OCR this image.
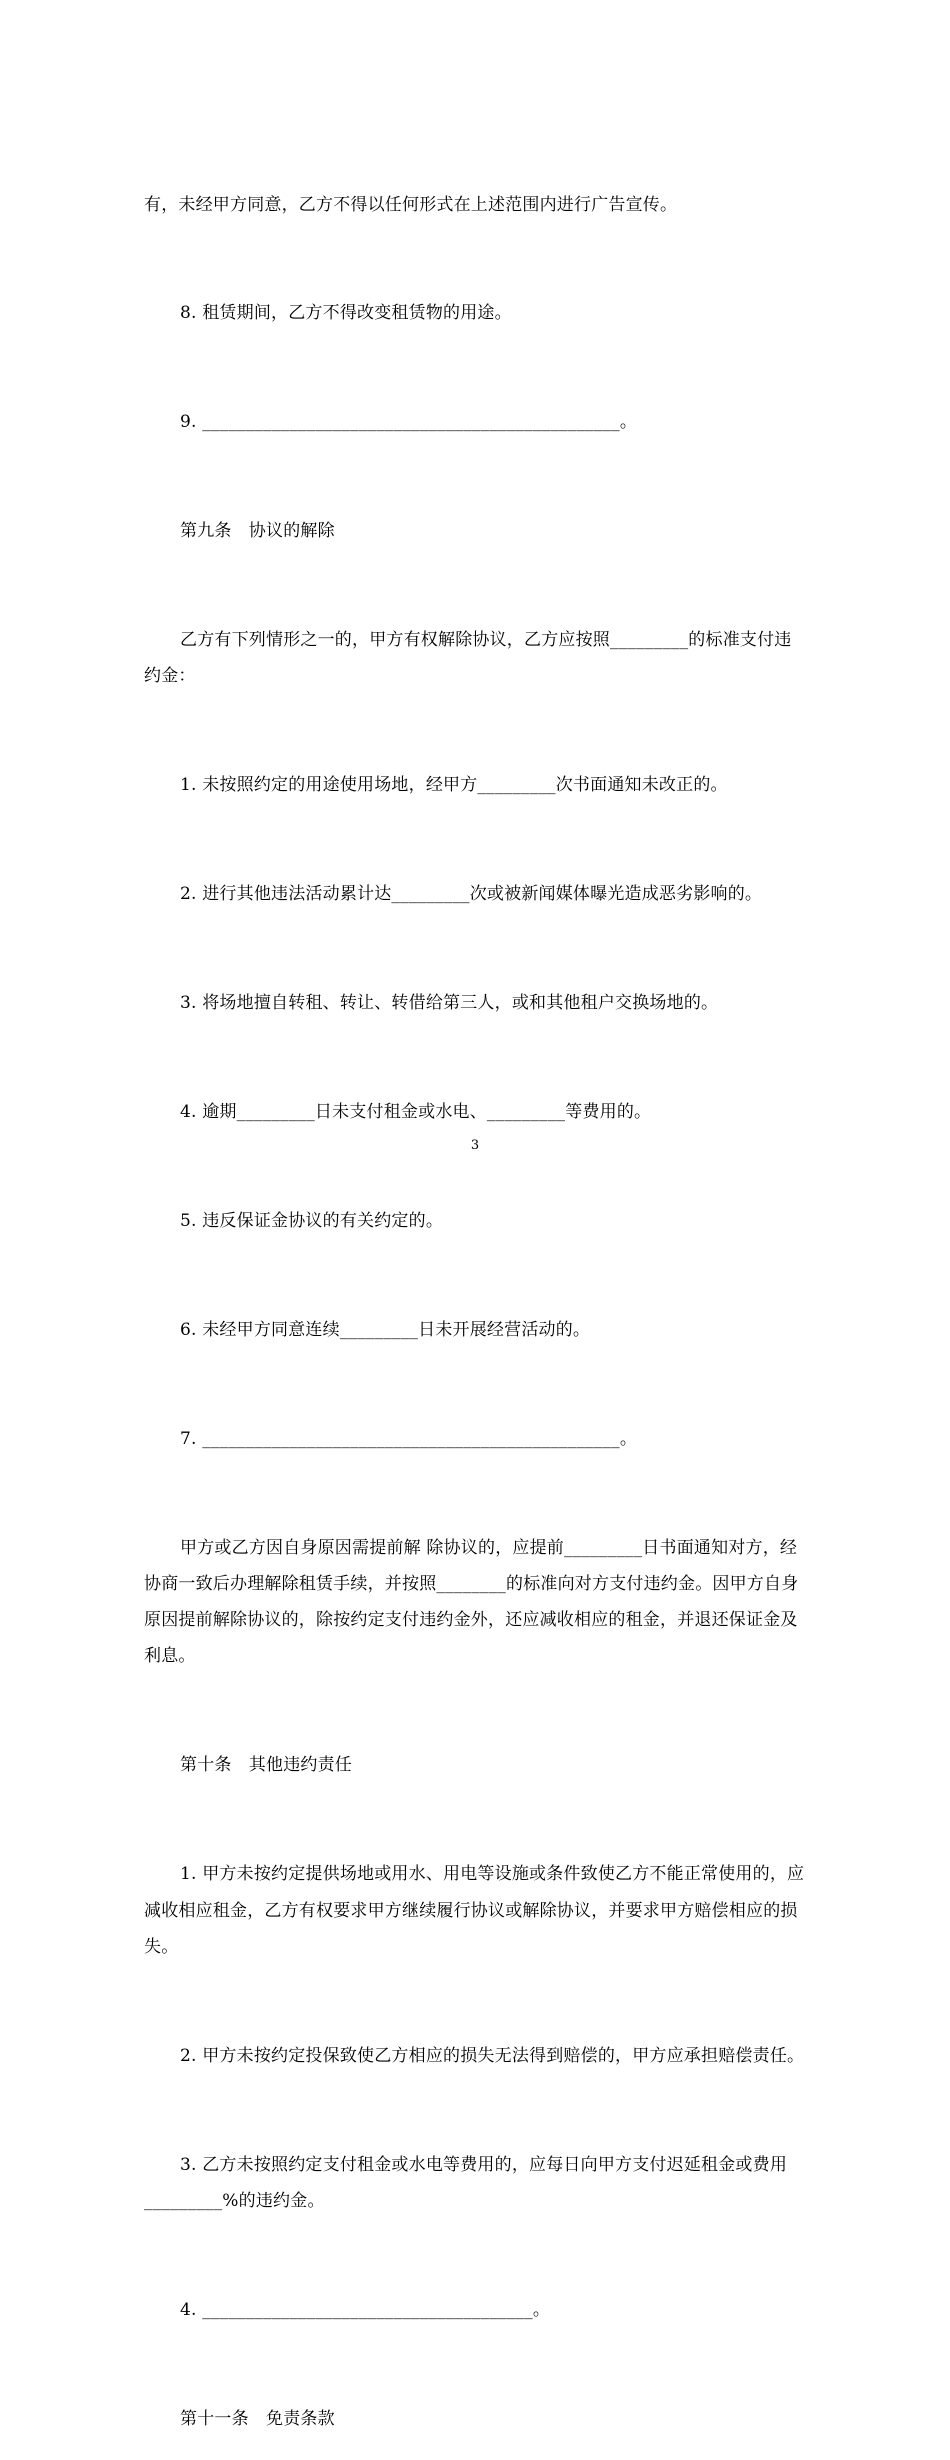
有，未经甲方同意，乙方不得以任何形式在上述范围内进行广告宣传。

8. 租赁期间，乙方不得改变租赁物的用途。

9. ________________________________________________。

第九条　协议的解除

乙方有下列情形之一的，甲方有权解除协议，乙方应按照_________的标准支付违约金：

1. 未按照约定的用途使用场地，经甲方_________次书面通知未改正的。

2. 进行其他违法活动累计达_________次或被新闻媒体曝光造成恶劣影响的。

3. 将场地擅自转租、转让、转借给第三人，或和其他租户交换场地的。

4. 逾期_________日未支付租金或水电、_________等费用的。

5. 违反保证金协议的有关约定的。

6. 未经甲方同意连续_________日未开展经营活动的。

7. ________________________________________________。

甲方或乙方因自身原因需提前解 除协议的，应提前_________日书面通知对方，经协商一致后办理解除租赁手续，并按照________的标准向对方支付违约金。因甲方自身原因提前解除协议的，除按约定支付违约金外，还应减收相应的租金，并退还保证金及利息。

第十条　其他违约责任

1. 甲方未按约定提供场地或用水、用电等设施或条件致使乙方不能正常使用的，应减收相应租金，乙方有权要求甲方继续履行协议或解除协议，并要求甲方赔偿相应的损失。

2. 甲方未按约定投保致使乙方相应的损失无法得到赔偿的，甲方应承担赔偿责任。

3. 乙方未按照约定支付租金或水电等费用的，应每日向甲方支付迟延租金或费用_________%的违约金。

4. ______________________________________。

第十一条　免责条款

3
